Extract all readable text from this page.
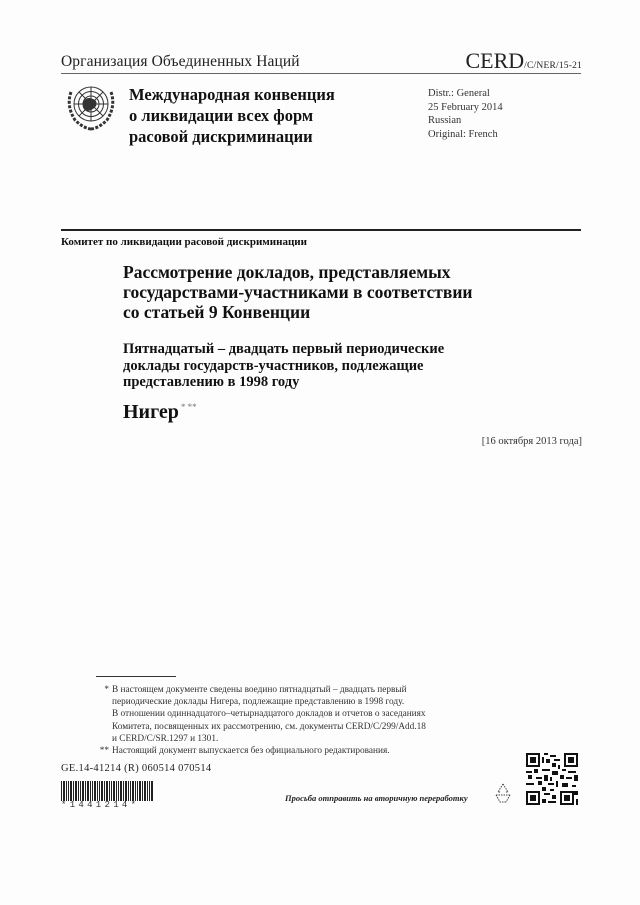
Организация Объединенных Наций	CERD/C/NER/15-21
Международная конвенция
о ликвидации всех форм
расовой дискриминации
Distr.: General
25 February 2014
Russian
Original: French
Комитет по ликвидации расовой дискриминации
Рассмотрение докладов, представляемых
государствами-участниками в соответствии
со статьей 9 Конвенции
Пятнадцатый – двадцать первый периодические
доклады государств-участников, подлежащие
представлению в 1998 году
Нигер * **
[16 октября 2013 года]
* В настоящем документе сведены воедино пятнадцатый – двадцать первый
периодические доклады Нигера, подлежащие представлению в 1998 году.
В отношении одиннадцатого–четырнадцатого докладов и отчетов о заседаниях
Комитета, посвященных их рассмотрению, см. документы CERD/C/299/Add.18
и CERD/C/SR.1297 и 1301.
** Настоящий документ выпускается без официального редактирования.
GE.14-41214 (R) 060514 070514
*1441214*
Просьба отправить на вторичную переработку
